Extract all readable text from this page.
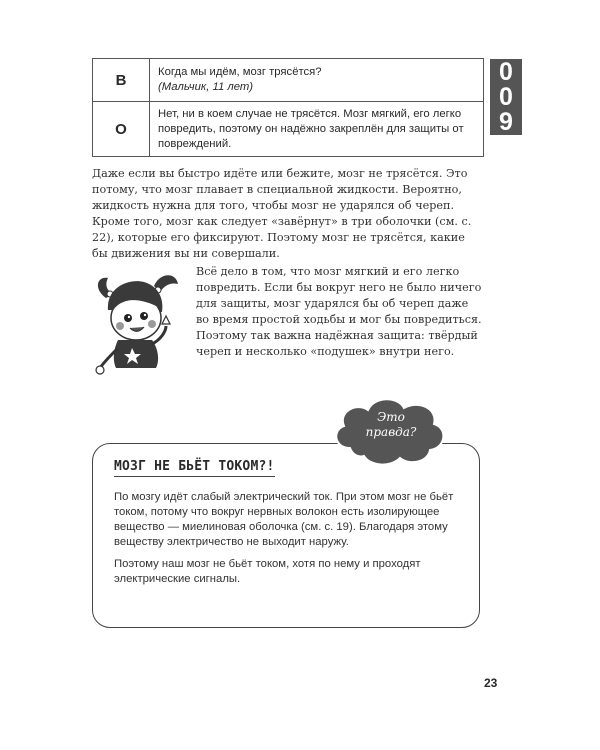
В	Когда мы идём, мозг трясётся?
(Мальчик, 11 лет)

О	Нет, ни в коем случае не трясётся. Мозг мягкий, его легко повредить, поэтому он надёжно закреплён для защиты от повреждений.
0
0
9

Даже если вы быстро идёте или бежите, мозг не трясётся. Это потому, что мозг плавает в специальной жидкости. Вероятно, жидкость нужна для того, чтобы мозг не ударялся об череп.

Кроме того, мозг как следует «завёрнут» в три оболочки (см. с. 22), которые его фиксируют. Поэтому мозг не трясётся, какие бы движения вы ни совершали.

Всё дело в том, что мозг мягкий и его легко повредить. Если бы вокруг него не было ничего для защиты, мозг ударялся бы об череп даже во время простой ходьбы и мог бы повредиться. Поэтому так важна надёжная защита: твёрдый череп и несколько «подушек» внутри него.

МОЗГ НЕ БЬЁТ ТОКОМ?!

По мозгу идёт слабый электрический ток. При этом мозг не бьёт током, потому что вокруг нервных волокон есть изолирующее вещество — миелиновая оболочка (см. с. 19). Благодаря этому веществу электричество не выходит наружу.

Поэтому наш мозг не бьёт током, хотя по нему и проходят электрические сигналы.

Это
правда?
23
